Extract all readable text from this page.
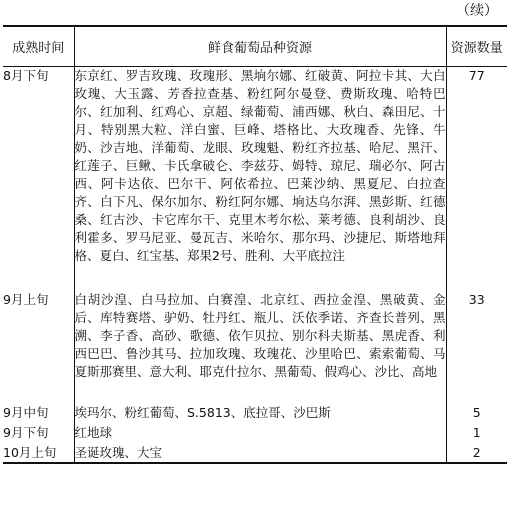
（续）
成熟时间	鲜食葡萄品种资源	资源数量
8月下旬	东京红、罗吉玫瑰、玫瑰形、黑垧尔娜、红破黄、阿拉卡其、大白玫瑰、大玉露、芳香拉查基、粉红阿尔曼登、费斯玫瑰、哈特巴尔、红加利、红鸡心、京超、绿葡萄、浦西娜、秋白、森田尼、十月、特别黑大粒、洋白蜜、巨峰、塔格比、大玫瑰香、先锋、牛奶、沙吉地、洋葡萄、龙眼、玫瑰魁、粉红齐拉基、哈尼、黑汗、红莲子、巨鳅、卡氏拿破仑、李兹芬、姆特、琼尼、瑞必尔、阿古西、阿卡达依、巴尔干、阿依希拉、巴莱沙纳、黑夏尼、白拉查齐、白下凡、保尔加尔、粉红阿尔娜、垧达乌尔湃、黑彭斯、红德桑、红古沙、卡它库尔干、克里木考尔松、莱考德、良利胡沙、良利霍多、罗马尼亚、曼瓦吉、米哈尔、那尔玛、沙捷尼、斯塔地拜格、夏白、红宝基、郑果2号、胜利、大平底拉注	77
9月上旬	白胡沙湟、白马拉加、白赛湟、北京红、西拉金湟、黑破黄、金后、库特赛塔、驴奶、牡丹红、瓶儿、沃依季诺、齐查长普列、黑溯、李子香、高砂、歌德、依乍贝拉、别尔科夫斯基、黑虎香、利西巴巴、鲁沙其马、拉加玫瑰、玫瑰花、沙里哈巴、索索葡萄、马夏斯那赛里、意大利、耶克什拉尔、黑葡萄、假鸡心、沙比、高地	33
9月中旬	埃玛尔、粉红葡萄、S.5813、底拉哥、沙巴斯	5
9月下旬	红地球	1
10月上旬	圣诞玫瑰、大宝	2
